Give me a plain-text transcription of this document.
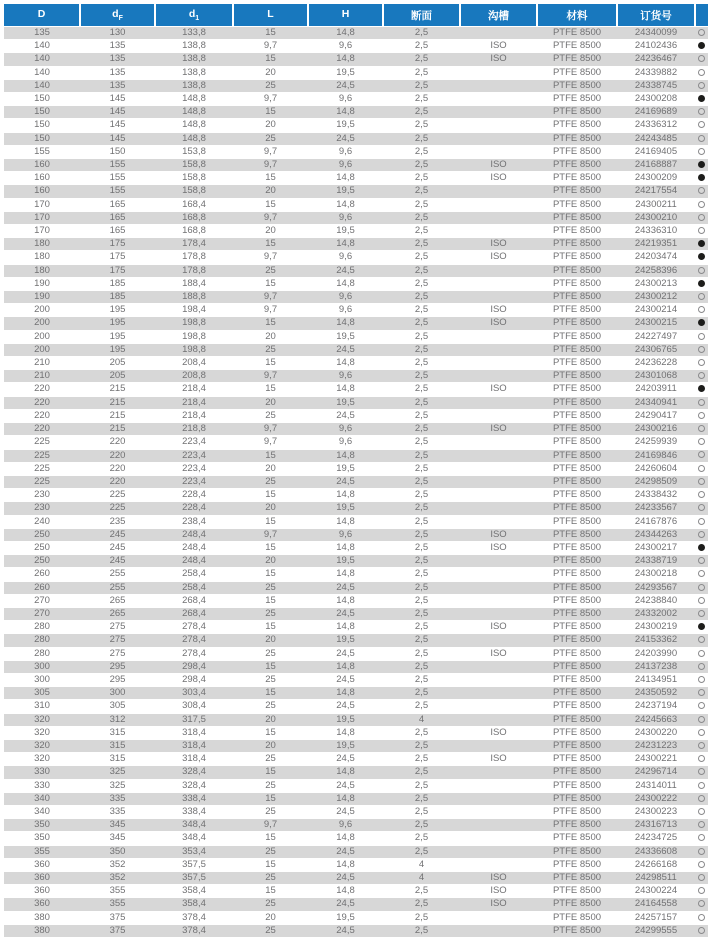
D	$d_F$	$d_1$	L	H	断面	沟槽	材料	订货号	
135	130	133,8	15	14,8	2,5		PTFE 8500	24340099	
140	135	138,8	9,7	9,6	2,5	ISO	PTFE 8500	24102436	
140	135	138,8	15	14,8	2,5	ISO	PTFE 8500	24236467	
140	135	138,8	20	19,5	2,5		PTFE 8500	24339882	
140	135	138,8	25	24,5	2,5		PTFE 8500	24338745	
150	145	148,8	9,7	9,6	2,5		PTFE 8500	24300208	
150	145	148,8	15	14,8	2,5		PTFE 8500	24169689	
150	145	148,8	20	19,5	2,5		PTFE 8500	24336312	
150	145	148,8	25	24,5	2,5		PTFE 8500	24243485	
155	150	153,8	9,7	9,6	2,5		PTFE 8500	24169405	
160	155	158,8	9,7	9,6	2,5	ISO	PTFE 8500	24168887	
160	155	158,8	15	14,8	2,5	ISO	PTFE 8500	24300209	
160	155	158,8	20	19,5	2,5		PTFE 8500	24217554	
170	165	168,4	15	14,8	2,5		PTFE 8500	24300211	
170	165	168,8	9,7	9,6	2,5		PTFE 8500	24300210	
170	165	168,8	20	19,5	2,5		PTFE 8500	24336310	
180	175	178,4	15	14,8	2,5	ISO	PTFE 8500	24219351	
180	175	178,8	9,7	9,6	2,5	ISO	PTFE 8500	24203474	
180	175	178,8	25	24,5	2,5		PTFE 8500	24258396	
190	185	188,4	15	14,8	2,5		PTFE 8500	24300213	
190	185	188,8	9,7	9,6	2,5		PTFE 8500	24300212	
200	195	198,4	9,7	9,6	2,5	ISO	PTFE 8500	24300214	
200	195	198,8	15	14,8	2,5	ISO	PTFE 8500	24300215	
200	195	198,8	20	19,5	2,5		PTFE 8500	24227497	
200	195	198,8	25	24,5	2,5		PTFE 8500	24306765	
210	205	208,4	15	14,8	2,5		PTFE 8500	24236228	
210	205	208,8	9,7	9,6	2,5		PTFE 8500	24301068	
220	215	218,4	15	14,8	2,5	ISO	PTFE 8500	24203911	
220	215	218,4	20	19,5	2,5		PTFE 8500	24340941	
220	215	218,4	25	24,5	2,5		PTFE 8500	24290417	
220	215	218,8	9,7	9,6	2,5	ISO	PTFE 8500	24300216	
225	220	223,4	9,7	9,6	2,5		PTFE 8500	24259939	
225	220	223,4	15	14,8	2,5		PTFE 8500	24169846	
225	220	223,4	20	19,5	2,5		PTFE 8500	24260604	
225	220	223,4	25	24,5	2,5		PTFE 8500	24298509	
230	225	228,4	15	14,8	2,5		PTFE 8500	24338432	
230	225	228,4	20	19,5	2,5		PTFE 8500	24233567	
240	235	238,4	15	14,8	2,5		PTFE 8500	24167876	
250	245	248,4	9,7	9,6	2,5	ISO	PTFE 8500	24344263	
250	245	248,4	15	14,8	2,5	ISO	PTFE 8500	24300217	
250	245	248,4	20	19,5	2,5		PTFE 8500	24338719	
260	255	258,4	15	14,8	2,5		PTFE 8500	24300218	
260	255	258,4	25	24,5	2,5		PTFE 8500	24293567	
270	265	268,4	15	14,8	2,5		PTFE 8500	24238840	
270	265	268,4	25	24,5	2,5		PTFE 8500	24332002	
280	275	278,4	15	14,8	2,5	ISO	PTFE 8500	24300219	
280	275	278,4	20	19,5	2,5		PTFE 8500	24153362	
280	275	278,4	25	24,5	2,5	ISO	PTFE 8500	24203990	
300	295	298,4	15	14,8	2,5		PTFE 8500	24137238	
300	295	298,4	25	24,5	2,5		PTFE 8500	24134951	
305	300	303,4	15	14,8	2,5		PTFE 8500	24350592	
310	305	308,4	25	24,5	2,5		PTFE 8500	24237194	
320	312	317,5	20	19,5	4		PTFE 8500	24245663	
320	315	318,4	15	14,8	2,5	ISO	PTFE 8500	24300220	
320	315	318,4	20	19,5	2,5		PTFE 8500	24231223	
320	315	318,4	25	24,5	2,5	ISO	PTFE 8500	24300221	
330	325	328,4	15	14,8	2,5		PTFE 8500	24296714	
330	325	328,4	25	24,5	2,5		PTFE 8500	24314011	
340	335	338,4	15	14,8	2,5		PTFE 8500	24300222	
340	335	338,4	25	24,5	2,5		PTFE 8500	24300223	
350	345	348,4	9,7	9,6	2,5		PTFE 8500	24316713	
350	345	348,4	15	14,8	2,5		PTFE 8500	24234725	
355	350	353,4	25	24,5	2,5		PTFE 8500	24336608	
360	352	357,5	15	14,8	4		PTFE 8500	24266168	
360	352	357,5	25	24,5	4	ISO	PTFE 8500	24298511	
360	355	358,4	15	14,8	2,5	ISO	PTFE 8500	24300224	
360	355	358,4	25	24,5	2,5	ISO	PTFE 8500	24164558	
380	375	378,4	20	19,5	2,5		PTFE 8500	24257157	
380	375	378,4	25	24,5	2,5		PTFE 8500	24299555	
